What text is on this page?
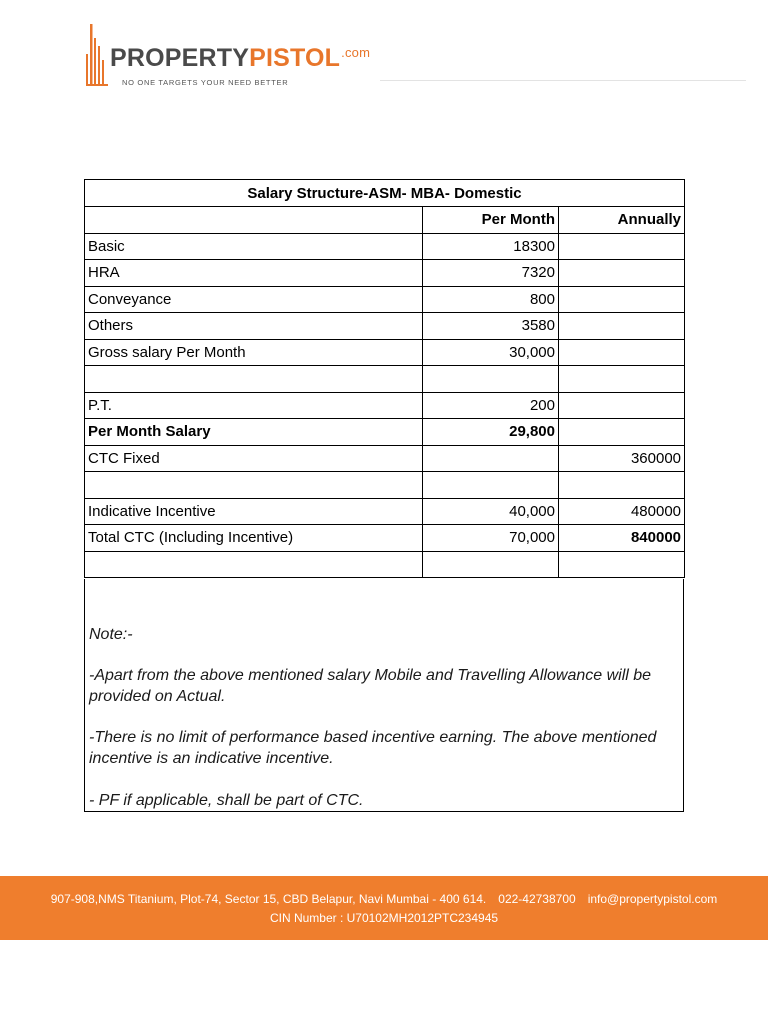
$PROPERTYPISTOL^{.com}$
NO ONE TARGETS YOUR NEED BETTER
Salary Structure-ASM- MBA- Domestic		
	Per Month	Annually
Basic	18300	
HRA	7320	
Conveyance	800	
Others	3580	
Gross salary Per Month	30,000	

P.T.	200	
Per Month Salary	29,800	
CTC Fixed		360000

Indicative Incentive	40,000	480000
Total CTC (Including Incentive)	70,000	840000

Note:-

-Apart from the above mentioned salary Mobile and Travelling Allowance will be provided on Actual.

-There is no limit of performance based incentive earning. The above mentioned incentive is an indicative incentive.

- PF if applicable, shall be part of CTC.

907-908,NMS Titanium, Plot-74, Sector 15, CBD Belapur, Navi Mumbai - 400 614. 022-42738700 info@propertypistol.com
CIN Number : U70102MH2012PTC234945
